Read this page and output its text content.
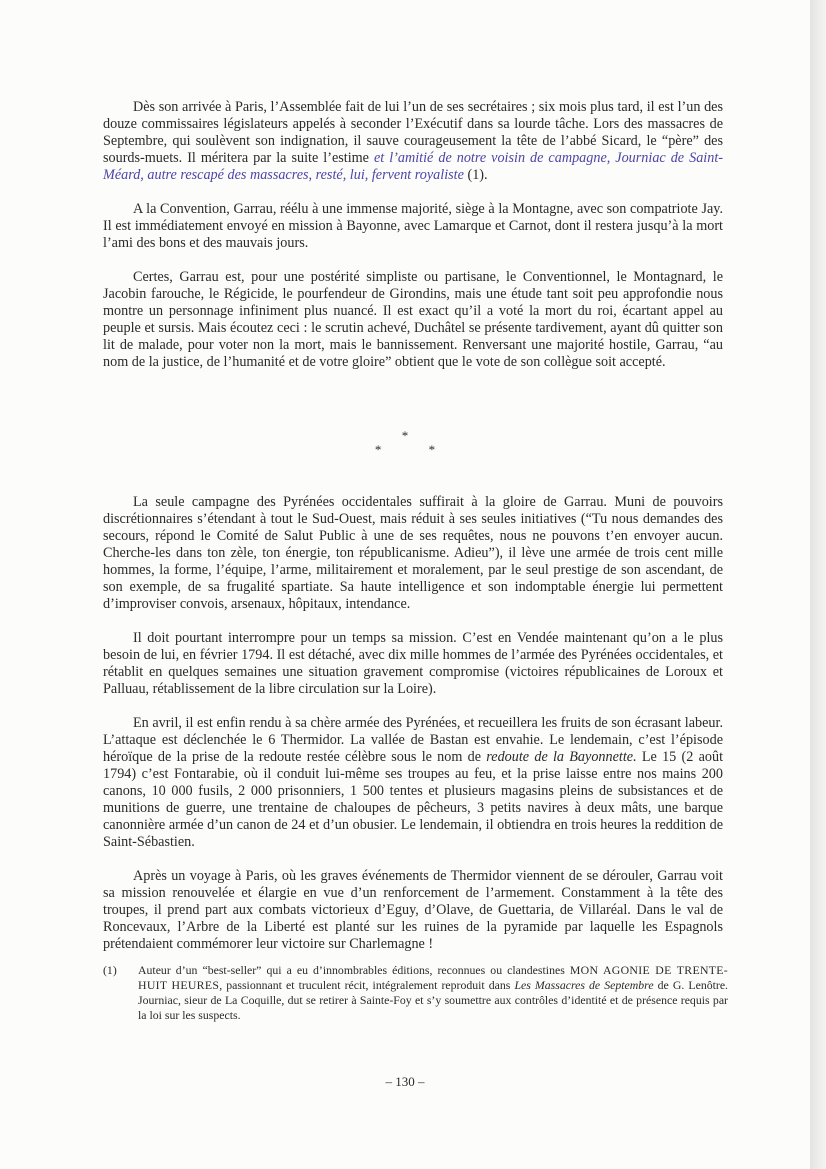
Dès son arrivée à Paris, l’Assemblée fait de lui l’un de ses secrétaires ; six mois plus tard, il est l’un des douze commissaires législateurs appelés à seconder l’Exécutif dans sa lourde tâche. Lors des massacres de Septembre, qui soulèvent son indignation, il sauve courageusement la tête de l’abbé Sicard, le “père” des sourds-muets. Il méritera par la suite l’estime et l’amitié de notre voisin de campagne, Journiac de Saint-Méard, autre rescapé des massacres, resté, lui, fervent royaliste (1).

A la Convention, Garrau, réélu à une immense majorité, siège à la Montagne, avec son compatriote Jay. Il est immédiatement envoyé en mission à Bayonne, avec Lamarque et Carnot, dont il restera jusqu’à la mort l’ami des bons et des mauvais jours.

Certes, Garrau est, pour une postérité simpliste ou partisane, le Conventionnel, le Montagnard, le Jacobin farouche, le Régicide, le pourfendeur de Girondins, mais une étude tant soit peu approfondie nous montre un personnage infiniment plus nuancé. Il est exact qu’il a voté la mort du roi, écartant appel au peuple et sursis. Mais écoutez ceci : le scrutin achevé, Duchâtel se présente tardivement, ayant dû quitter son lit de malade, pour voter non la mort, mais le bannissement. Renversant une majorité hostile, Garrau, “au nom de la justice, de l’humanité et de votre gloire” obtient que le vote de son collègue soit accepté.

*
* *

La seule campagne des Pyrénées occidentales suffirait à la gloire de Garrau. Muni de pouvoirs discrétionnaires s’étendant à tout le Sud-Ouest, mais réduit à ses seules initiatives (“Tu nous demandes des secours, répond le Comité de Salut Public à une de ses requêtes, nous ne pouvons t’en envoyer aucun. Cherche-les dans ton zèle, ton énergie, ton républicanisme. Adieu”), il lève une armée de trois cent mille hommes, la forme, l’équipe, l’arme, militairement et moralement, par le seul prestige de son ascendant, de son exemple, de sa frugalité spartiate. Sa haute intelligence et son indomptable énergie lui permettent d’improviser convois, arsenaux, hôpitaux, intendance.

Il doit pourtant interrompre pour un temps sa mission. C’est en Vendée maintenant qu’on a le plus besoin de lui, en février 1794. Il est détaché, avec dix mille hommes de l’armée des Pyrénées occidentales, et rétablit en quelques semaines une situation gravement compromise (victoires républicaines de Loroux et Palluau, rétablissement de la libre circulation sur la Loire).

En avril, il est enfin rendu à sa chère armée des Pyrénées, et recueillera les fruits de son écrasant labeur. L’attaque est déclenchée le 6 Thermidor. La vallée de Bastan est envahie. Le lendemain, c’est l’épisode héroïque de la prise de la redoute restée célèbre sous le nom de redoute de la Bayonnette. Le 15 (2 août 1794) c’est Fontarabie, où il conduit lui-même ses troupes au feu, et la prise laisse entre nos mains 200 canons, 10 000 fusils, 2 000 prisonniers, 1 500 tentes et plusieurs magasins pleins de subsistances et de munitions de guerre, une trentaine de chaloupes de pêcheurs, 3 petits navires à deux mâts, une barque canonnière armée d’un canon de 24 et d’un obusier. Le lendemain, il obtiendra en trois heures la reddition de Saint-Sébastien.

Après un voyage à Paris, où les graves événements de Thermidor viennent de se dérouler, Garrau voit sa mission renouvelée et élargie en vue d’un renforcement de l’armement. Constamment à la tête des troupes, il prend part aux combats victorieux d’Eguy, d’Olave, de Guettaria, de Villaréal. Dans le val de Roncevaux, l’Arbre de la Liberté est planté sur les ruines de la pyramide par laquelle les Espagnols prétendaient commémorer leur victoire sur Charlemagne !

(1) Auteur d’un “best-seller” qui a eu d’innombrables éditions, reconnues ou clandestines MON AGONIE DE TRENTE-HUIT HEURES, passionnant et truculent récit, intégralement reproduit dans Les Massacres de Septembre de G. Lenôtre. Journiac, sieur de La Coquille, dut se retirer à Sainte-Foy et s’y soumettre aux contrôles d’identité et de présence requis par la loi sur les suspects.
– 130 –
